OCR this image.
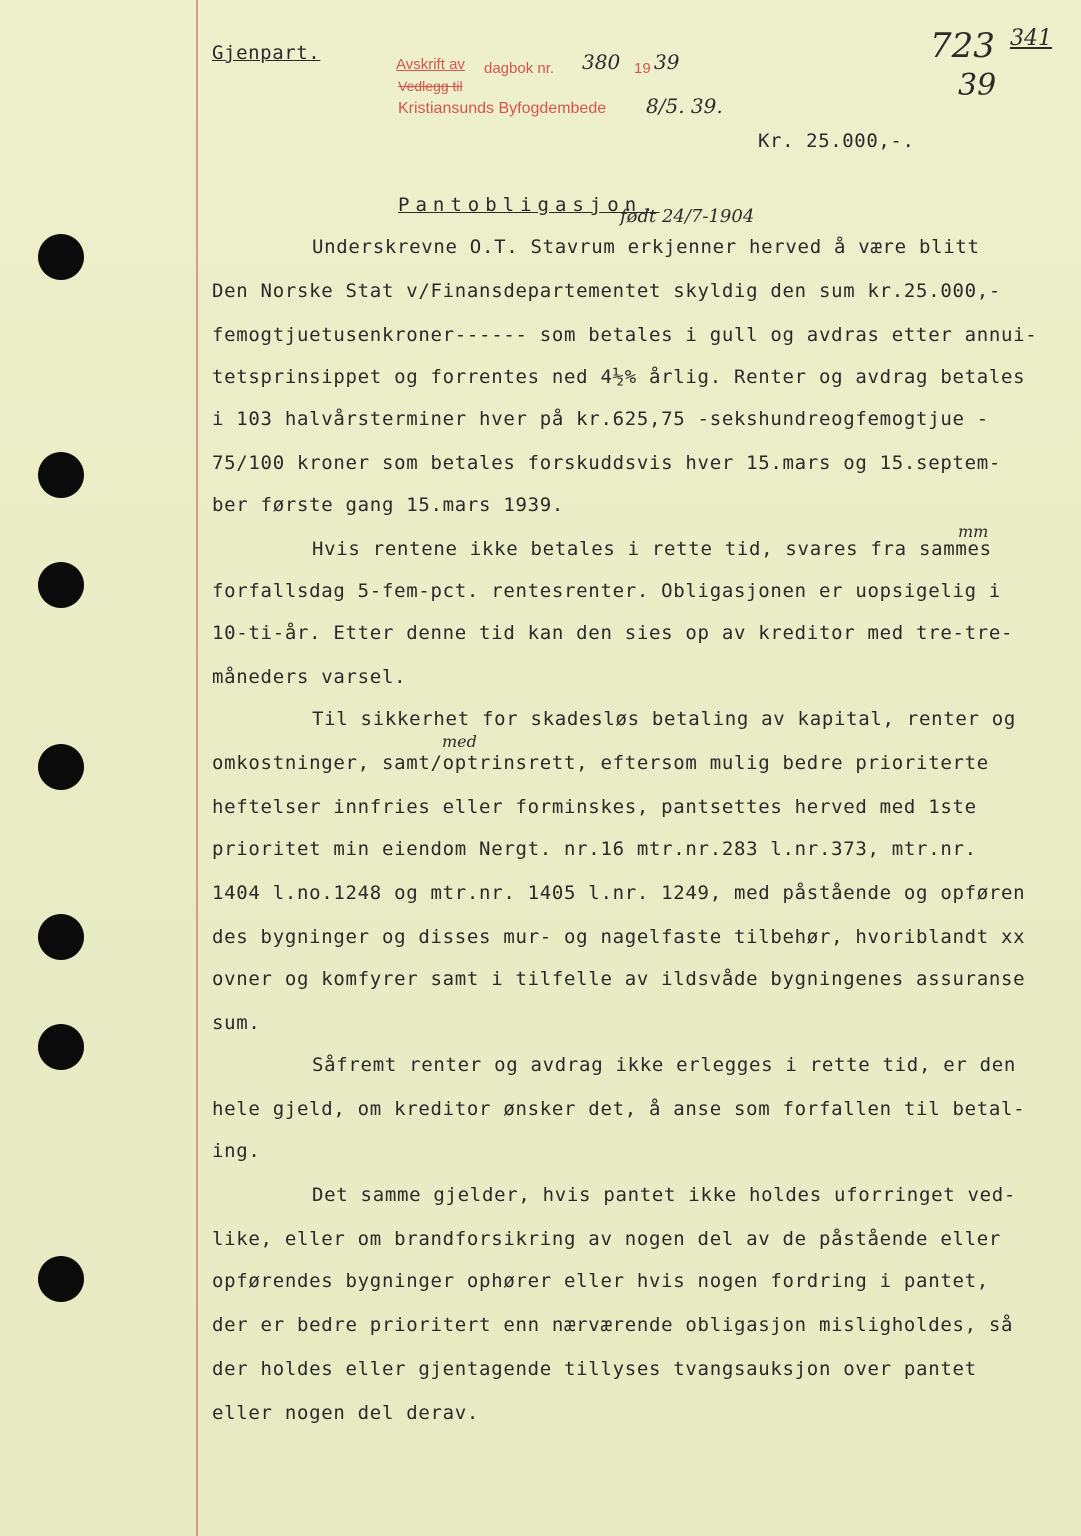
Gjenpart.
Avskrift av dagbok nr. 380 19 39
Vedlegg til
Kristiansunds Byfogdembede 8/5. 39.
723 341
39
Kr. 25.000,-.
Pantobligasjon.
født 24/7-1904
Underskrevne O.T. Stavrum erkjenner herved å være blitt
Den Norske Stat v/Finansdepartementet skyldig den sum kr.25.000,-
femogtjuetusenkroner------ som betales i gull og avdras etter annui-
tetsprinsippet og forrentes ned 4½% årlig. Renter og avdrag betales
i 103 halvårsterminer hver på kr.625,75 -sekshundreogfemogtjue -
75/100 kroner som betales forskuddsvis hver 15.mars og 15.septem-
ber første gang 15.mars 1939.
mm
Hvis rentene ikke betales i rette tid, svares fra sammes
forfallsdag 5-fem-pct. rentesrenter. Obligasjonen er uopsigelig i
10-ti-år. Etter denne tid kan den sies op av kreditor med tre-tre-
måneders varsel.
Til sikkerhet for skadesløs betaling av kapital, renter og
med
omkostninger, samt/optrinsrett, eftersom mulig bedre prioriterte
heftelser innfries eller forminskes, pantsettes herved med 1ste
prioritet min eiendom Nergt. nr.16 mtr.nr.283 l.nr.373, mtr.nr.
1404 l.no.1248 og mtr.nr. 1405 l.nr. 1249, med påstående og opføren
des bygninger og disses mur- og nagelfaste tilbehør, hvoriblandt xx
ovner og komfyrer samt i tilfelle av ildsvåde bygningenes assuranse
sum.
Såfremt renter og avdrag ikke erlegges i rette tid, er den
hele gjeld, om kreditor ønsker det, å anse som forfallen til betal-
ing.
Det samme gjelder, hvis pantet ikke holdes uforringet ved-
like, eller om brandforsikring av nogen del av de påstående eller
opførendes bygninger ophører eller hvis nogen fordring i pantet,
der er bedre prioritert enn nærværende obligasjon misligholdes, så
der holdes eller gjentagende tillyses tvangsauksjon over pantet
eller nogen del derav.
